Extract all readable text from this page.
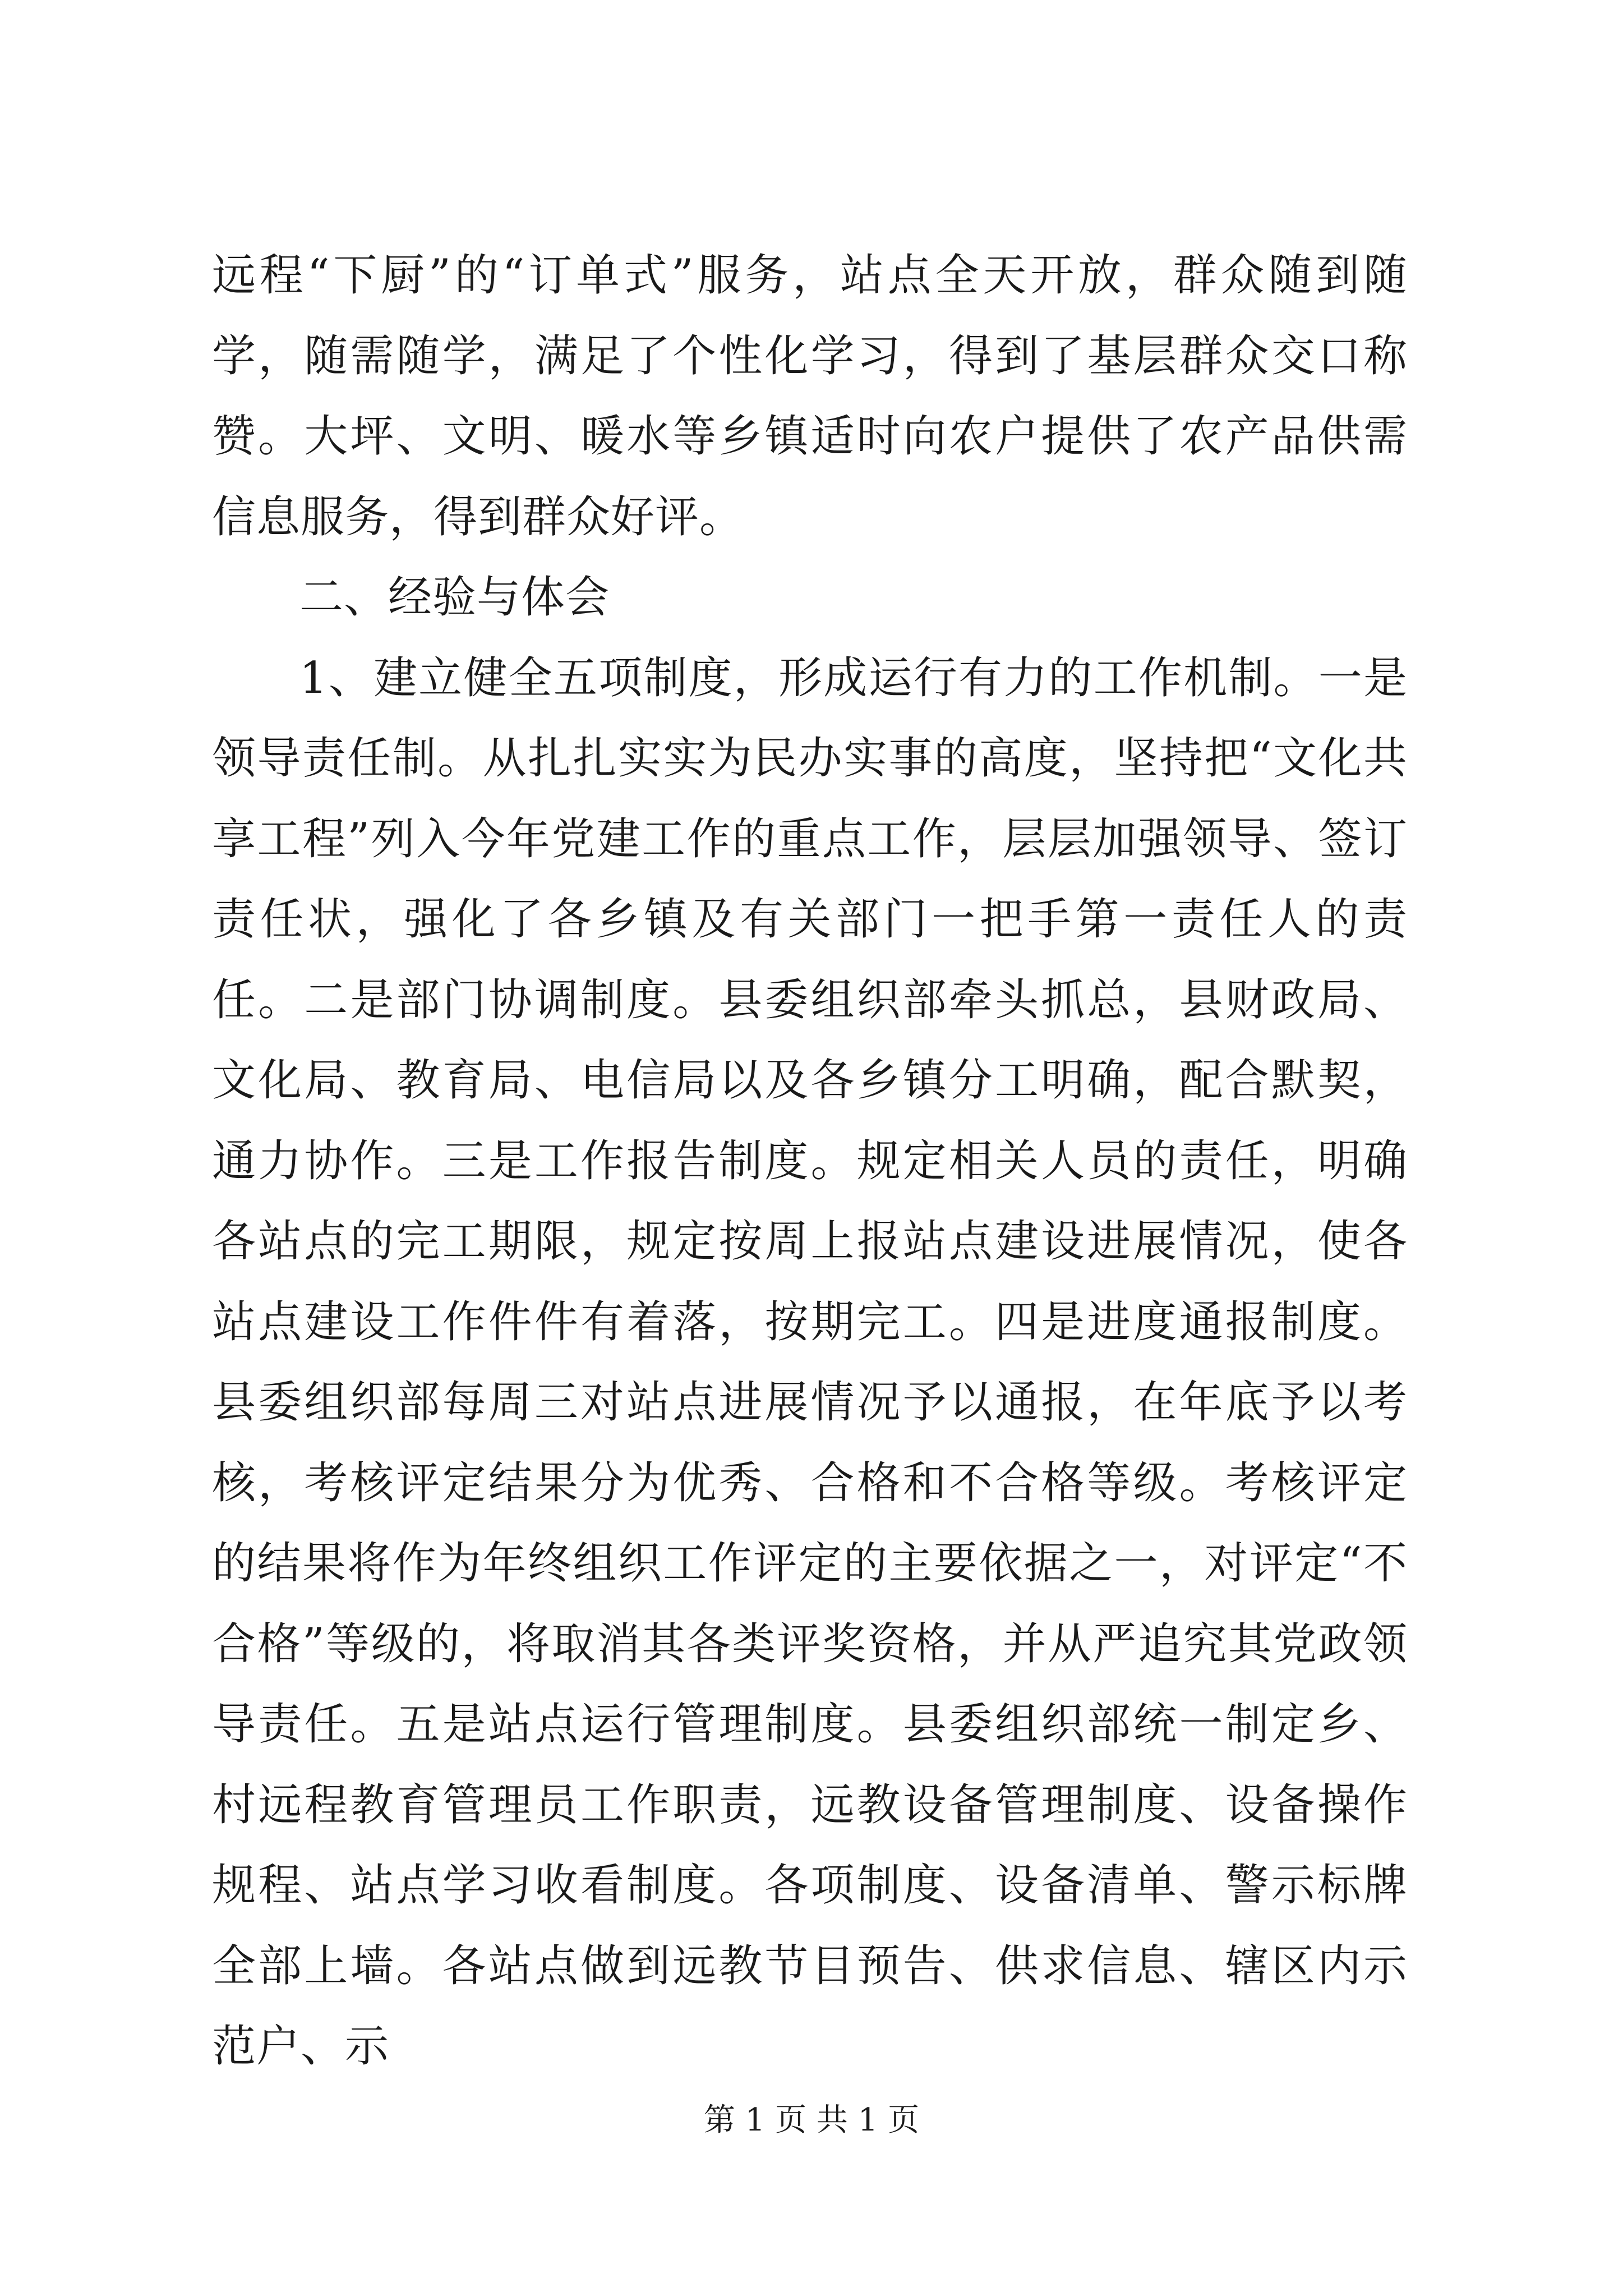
远程“下厨”的“订单式”服务，站点全天开放，群众随到随学，随需随学，满足了个性化学习，得到了基层群众交口称赞。大坪、文明、暖水等乡镇适时向农户提供了农产品供需信息服务，得到群众好评。

二、经验与体会

1、建立健全五项制度，形成运行有力的工作机制。一是领导责任制。从扎扎实实为民办实事的高度，坚持把“文化共享工程”列入今年党建工作的重点工作，层层加强领导、签订责任状，强化了各乡镇及有关部门一把手第一责任人的责任。二是部门协调制度。县委组织部牵头抓总，县财政局、文化局、教育局、电信局以及各乡镇分工明确，配合默契，通力协作。三是工作报告制度。规定相关人员的责任，明确各站点的完工期限，规定按周上报站点建设进展情况，使各站点建设工作件件有着落，按期完工。四是进度通报制度。县委组织部每周三对站点进展情况予以通报，在年底予以考核，考核评定结果分为优秀、合格和不合格等级。考核评定的结果将作为年终组织工作评定的主要依据之一，对评定“不合格”等级的，将取消其各类评奖资格，并从严追究其党政领导责任。五是站点运行管理制度。县委组织部统一制定乡、村远程教育管理员工作职责，远教设备管理制度、设备操作规程、站点学习收看制度。各项制度、设备清单、警示标牌全部上墙。各站点做到远教节目预告、供求信息、辖区内示范户、示

第 1 页 共 1 页
